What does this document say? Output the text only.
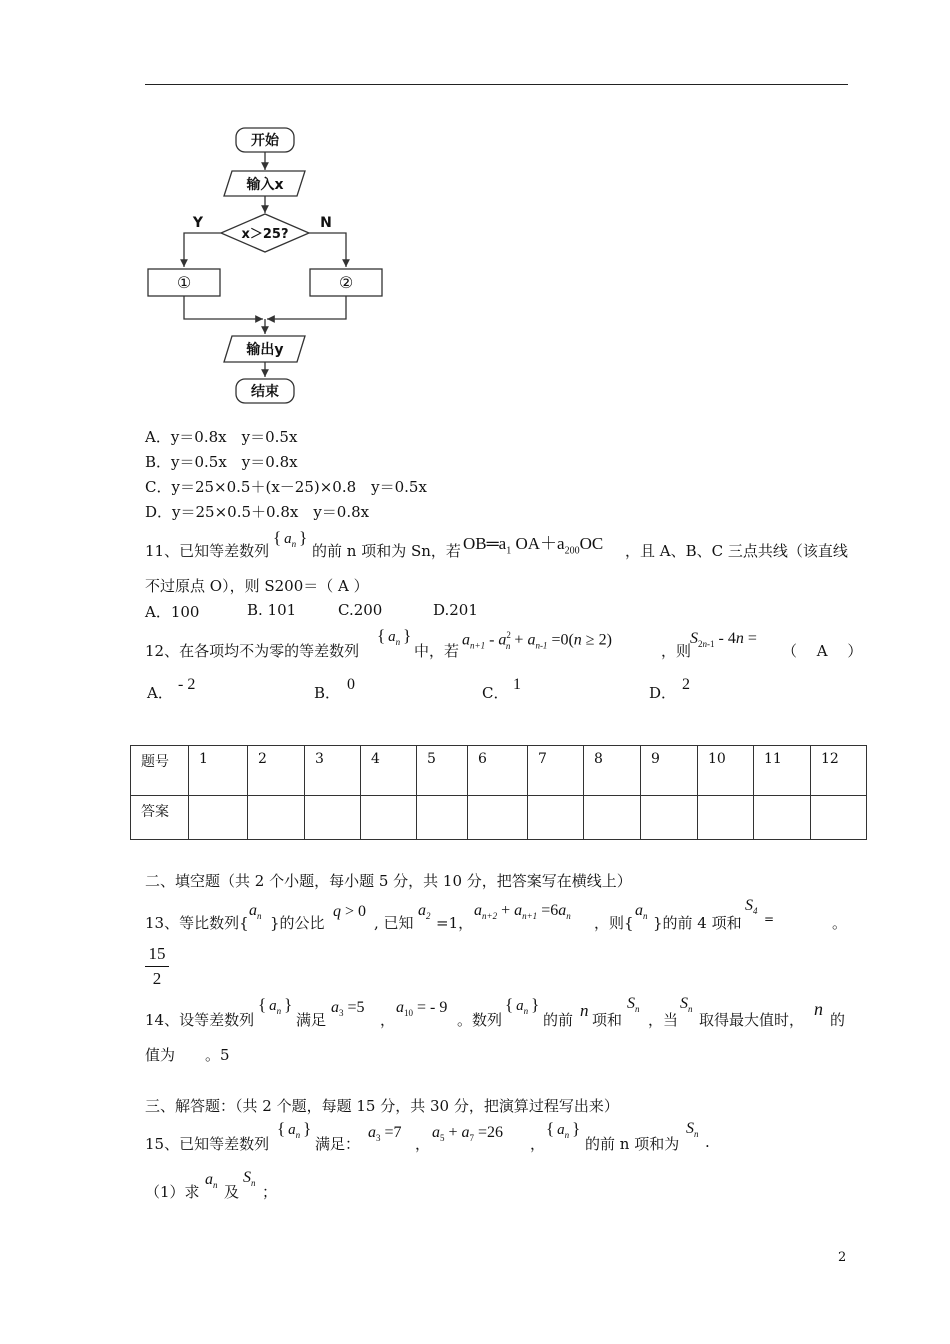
开始
输入x
x＞25?
Y	N
①	②
输出y
结束
A．y＝0.8x　y＝0.5x
B．y＝0.5x　y＝0.8x
C．y＝25×0.5＋(x－25)×0.8　y＝0.5x
D．y＝25×0.5＋0.8x　y＝0.8x
11、已知等差数列
{ $a_n$ }
的前 n 项和为 Sn，若 $OB═a_1$ $OA+a_{200}OC$ ，且 A、B、C 三点共线（该直线
不过原点 O），则 S200＝（ A ）
A．100	B. 101	C.200	D.201
12、在各项均不为零的等差数列
{ $a_n$ }
中，若
$a_{n+1} - a^2_n + a_{n-1} =0(n \ge 2)$
，则
$S_{2n-1} - 4n$ =
（　 A　 ）
A． - 2	B． 0	C． 1	D． 2
题号	1	2	3	4	5	6	7	8	9	10	11	12
答案												
二、填空题（共 2 个小题，每小题 5 分，共 10 分，把答案写在横线上）
13、等比数列{
$a_n$ }的公比
q > 0
, 已知
$a_2 =1$，
$a_{n+2} + a_{n+1} =6a_n$ ，则{
$a_n$ }的前 4 项和
$S_4$
=	。
15
2
14、设等差数列
{ $a_n$ }
满足
$a_3 =5$
，
$a_{10}$ = - 9
。数列
{ $a_n$ }
的前 n 项和
$S_n$
，当
$S_n$
取得最大值时，
n
的
值为　　。5
三、解答题：（共 2 个题，每题 15 分，共 30 分，把演算过程写出来）
15、已知等差数列
{ $a_n$ }
满足：
$a_3 =7$
，
$a_5 + a_7 =26$
，
{ $a_n$ }
的前 n 项和为
$S_n$ .
（1）求
$a_n$ 及
$S_n$ ；
2
